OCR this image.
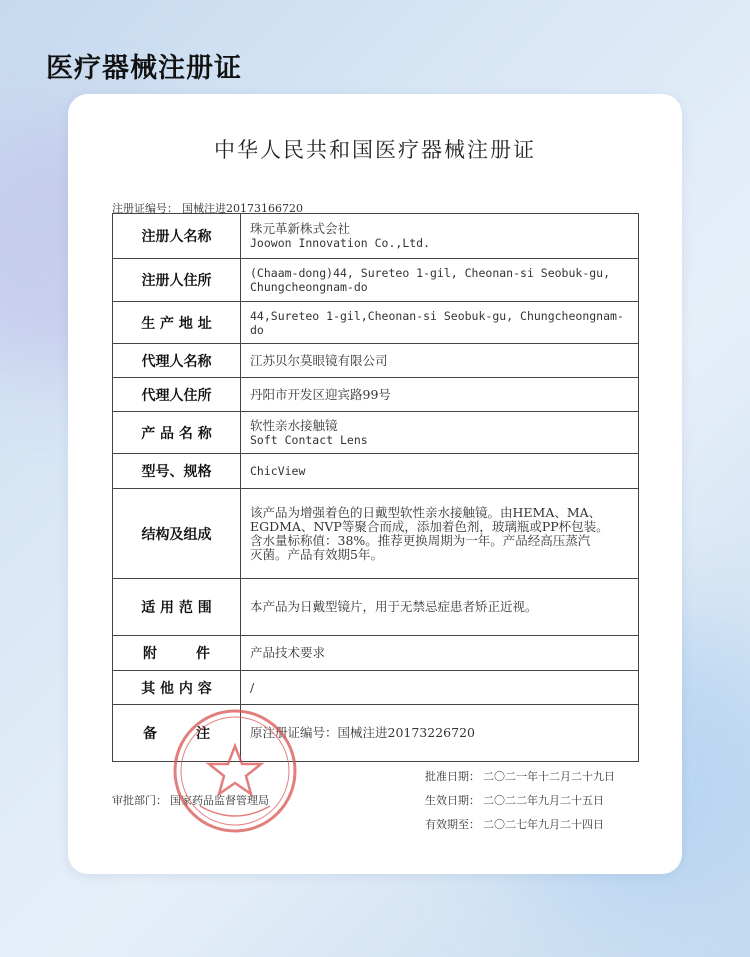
医疗器械注册证
中华人民共和国医疗器械注册证
注册证编号： 国械注进20173166720
注册人名称	珠元革新株式会社
Joowon Innovation Co.,Ltd.

注册人住所	(Chaam-dong)44, Sureteo 1-gil, Cheonan-si Seobuk-gu,
Chungcheongnam-do

生 产 地 址	44,Sureteo 1-gil,Cheonan-si Seobuk-gu, Chungcheongnam-
do

代理人名称	江苏贝尔莫眼镜有限公司

代理人住所	丹阳市开发区迎宾路99号

产 品 名 称	软性亲水接触镜
Soft Contact Lens

型号、规格	ChicView

结构及组成	该产品为增强着色的日戴型软性亲水接触镜。由HEMA、MA、
EGDMA、NVP等聚合而成，添加着色剂，玻璃瓶或PP杯包装。
含水量标称值：38%。推荐更换周期为一年。产品经高压蒸汽
灭菌。产品有效期5年。

适 用 范 围	本产品为日戴型镜片，用于无禁忌症患者矫正近视。

附        件	产品技术要求

其 他 内 容	/

备        注	原注册证编号：国械注进20173226720
批准日期： 二〇二一年十二月二十九日
生效日期： 二〇二二年九月二十五日
有效期至： 二〇二七年九月二十四日
审批部门： 国家药品监督管理局
